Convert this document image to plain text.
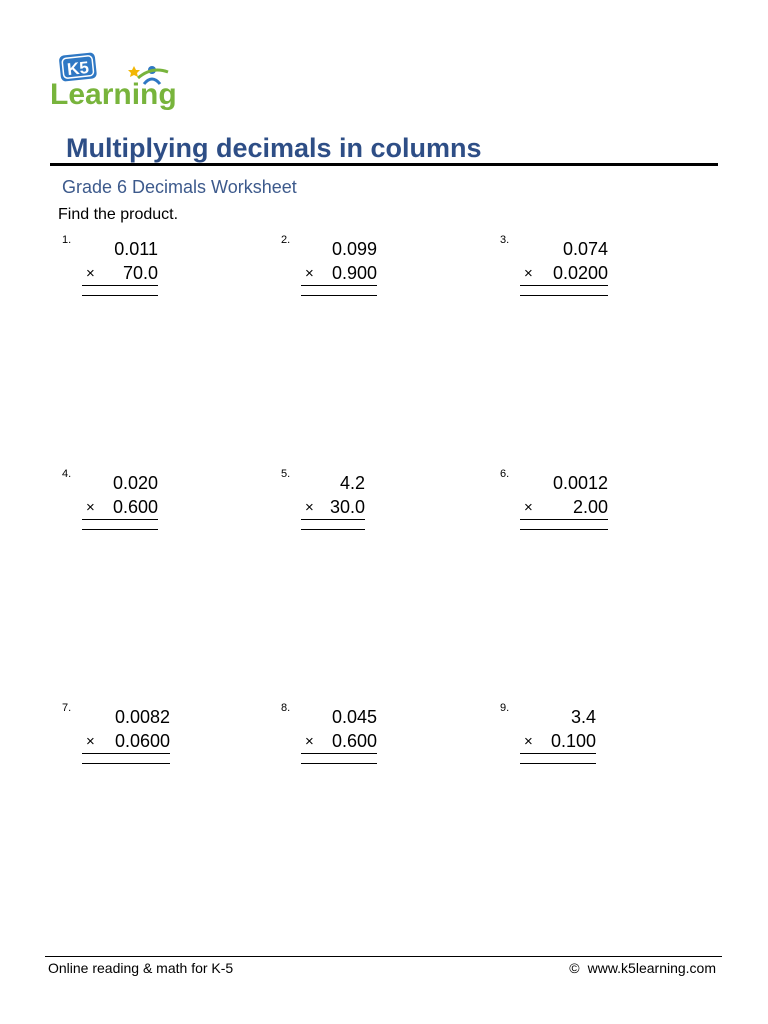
K5
Learning
Multiplying decimals in columns
Grade 6 Decimals Worksheet
Find the product.
1.	0.011
× 70.0
2.	0.099
× 0.900
3.	0.074
× 0.0200
4.	0.020
× 0.600
5.	4.2
× 30.0
6.	0.0012
× 2.00
7.	0.0082
× 0.0600
8.	0.045
× 0.600
9.	3.4
× 0.100
Online reading & math for K-5	© www.k5learning.com
